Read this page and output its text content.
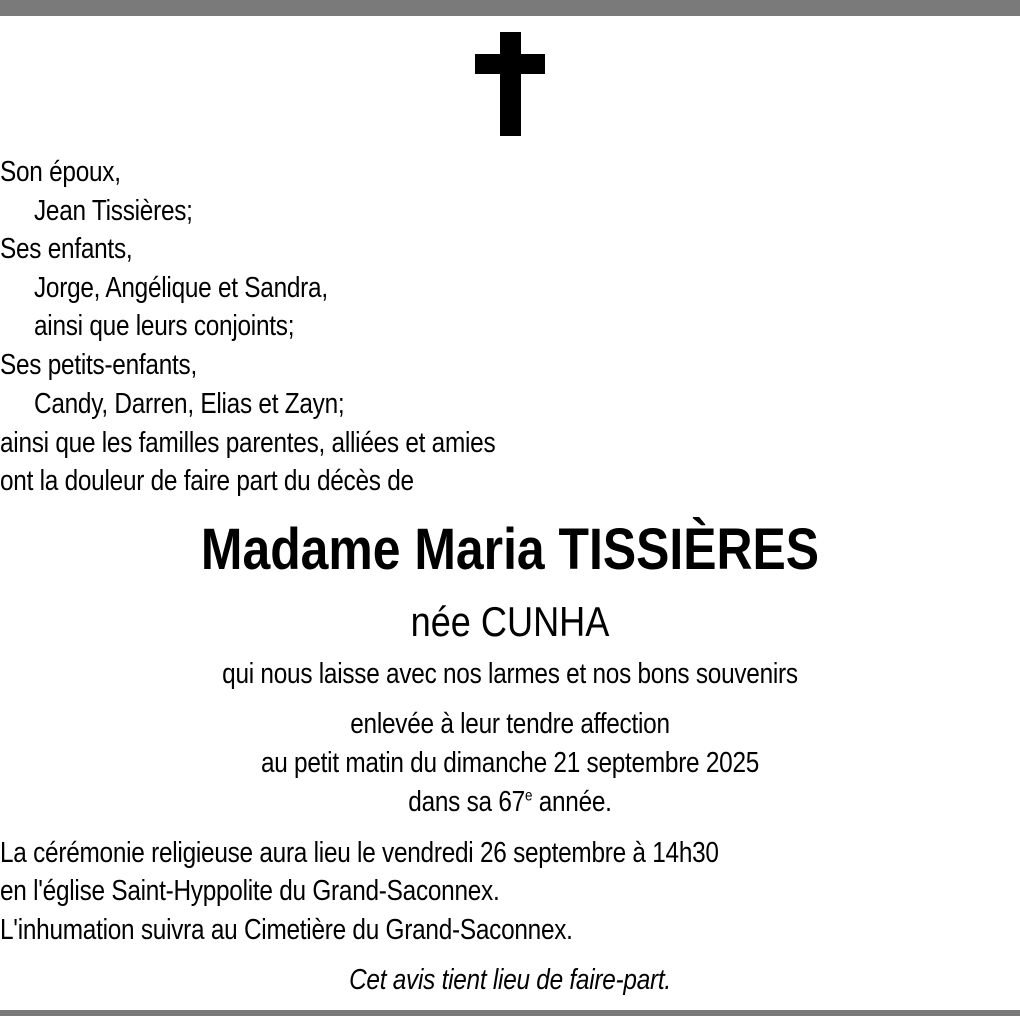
Son époux,
Jean Tissières;
Ses enfants,
Jorge, Angélique et Sandra,
ainsi que leurs conjoints;
Ses petits-enfants,
Candy, Darren, Elias et Zayn;
ainsi que les familles parentes, alliées et amies
ont la douleur de faire part du décès de
Madame Maria TISSIÈRES
née CUNHA
qui nous laisse avec nos larmes et nos bons souvenirs
enlevée à leur tendre affection
au petit matin du dimanche 21 septembre 2025
dans sa 67e année.
La cérémonie religieuse aura lieu le vendredi 26 septembre à 14h30
en l'église Saint-Hyppolite du Grand-Saconnex.
L'inhumation suivra au Cimetière du Grand-Saconnex.
Cet avis tient lieu de faire-part.
